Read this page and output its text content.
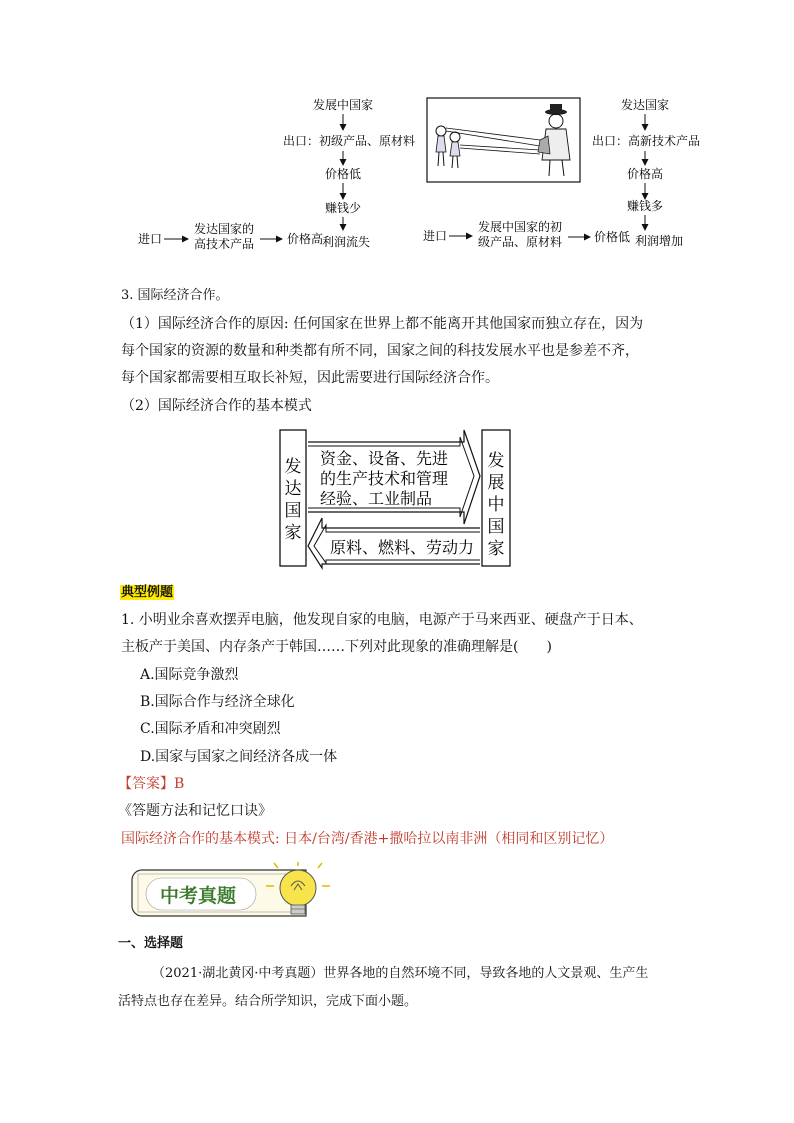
发展中国家
出口：初级产品、原材料
价格低
赚钱少
进口
发达国家的
高技术产品	价格高
利润流失
发达国家
出口：高新技术产品
价格高
赚钱多
进口
发展中国家的初
级产品、原材料	价格低 利润增加
3. 国际经济合作。
（1）国际经济合作的原因: 任何国家在世界上都不能离开其他国家而独立存在，因为
每个国家的资源的数量和种类都有所不同，国家之间的科技发展水平也是参差不齐，
每个国家都需要相互取长补短，因此需要进行国际经济合作。
（2）国际经济合作的基本模式
发
达
国
家
发
展
中
国
家
资金、设备、先进
的生产技术和管理
经验、工业制品
原料、燃料、劳动力
典型例题
1. 小明业余喜欢摆弄电脑，他发现自家的电脑，电源产于马来西亚、硬盘产于日本、
主板产于美国、内存条产于韩国……下列对此现象的准确理解是(　　)
A.国际竞争激烈
B.国际合作与经济全球化
C.国际矛盾和冲突剧烈
D.国家与国家之间经济各成一体
【答案】B
《答题方法和记忆口诀》
国际经济合作的基本模式: 日本/台湾/香港+撒哈拉以南非洲（相同和区别记忆）
中考真题
一、选择题
（2021·湖北黄冈·中考真题）世界各地的自然环境不同，导致各地的人文景观、生产生
活特点也存在差异。结合所学知识，完成下面小题。
